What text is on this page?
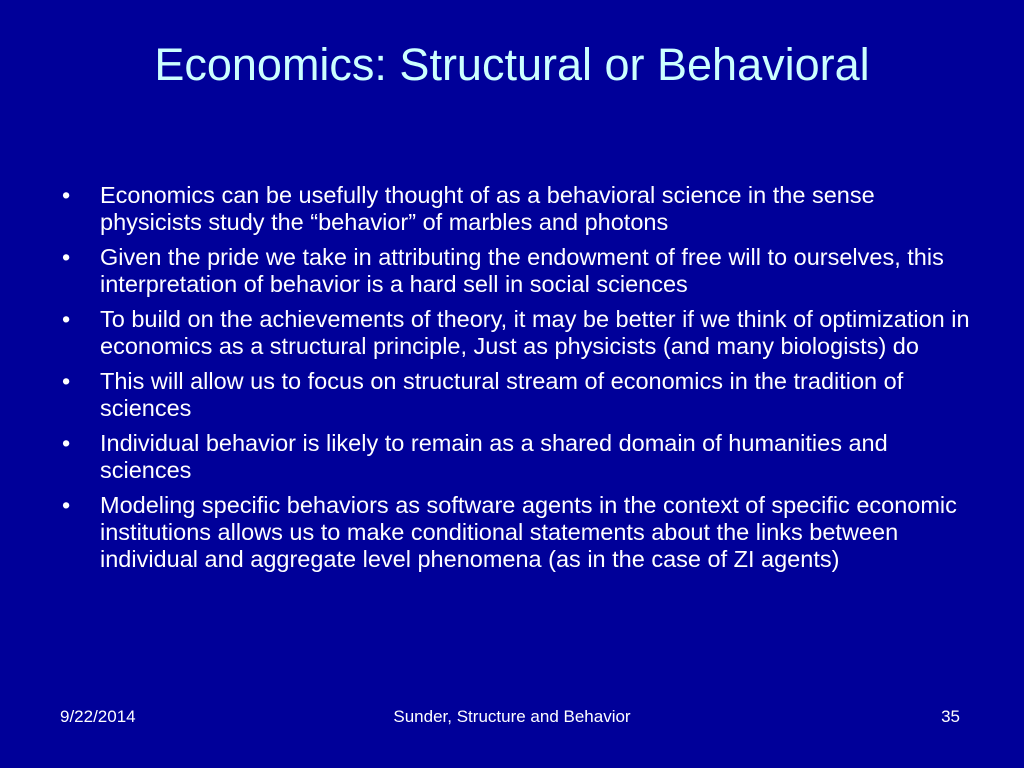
Economics: Structural or Behavioral
• Economics can be usefully thought of as a behavioral science in the sense physicists study the “behavior” of marbles and photons
• Given the pride we take in attributing the endowment of free will to ourselves, this interpretation of behavior is a hard sell in social sciences
• To build on the achievements of theory, it may be better if we think of optimization in economics as a structural principle, Just as physicists (and many biologists) do
• This will allow us to focus on structural stream of economics in the tradition of sciences
• Individual behavior is likely to remain as a shared domain of humanities and sciences
• Modeling specific behaviors as software agents in the context of specific economic institutions allows us to make conditional statements about the links between individual and aggregate level phenomena (as in the case of ZI agents)
9/22/2014	Sunder, Structure and Behavior	35
